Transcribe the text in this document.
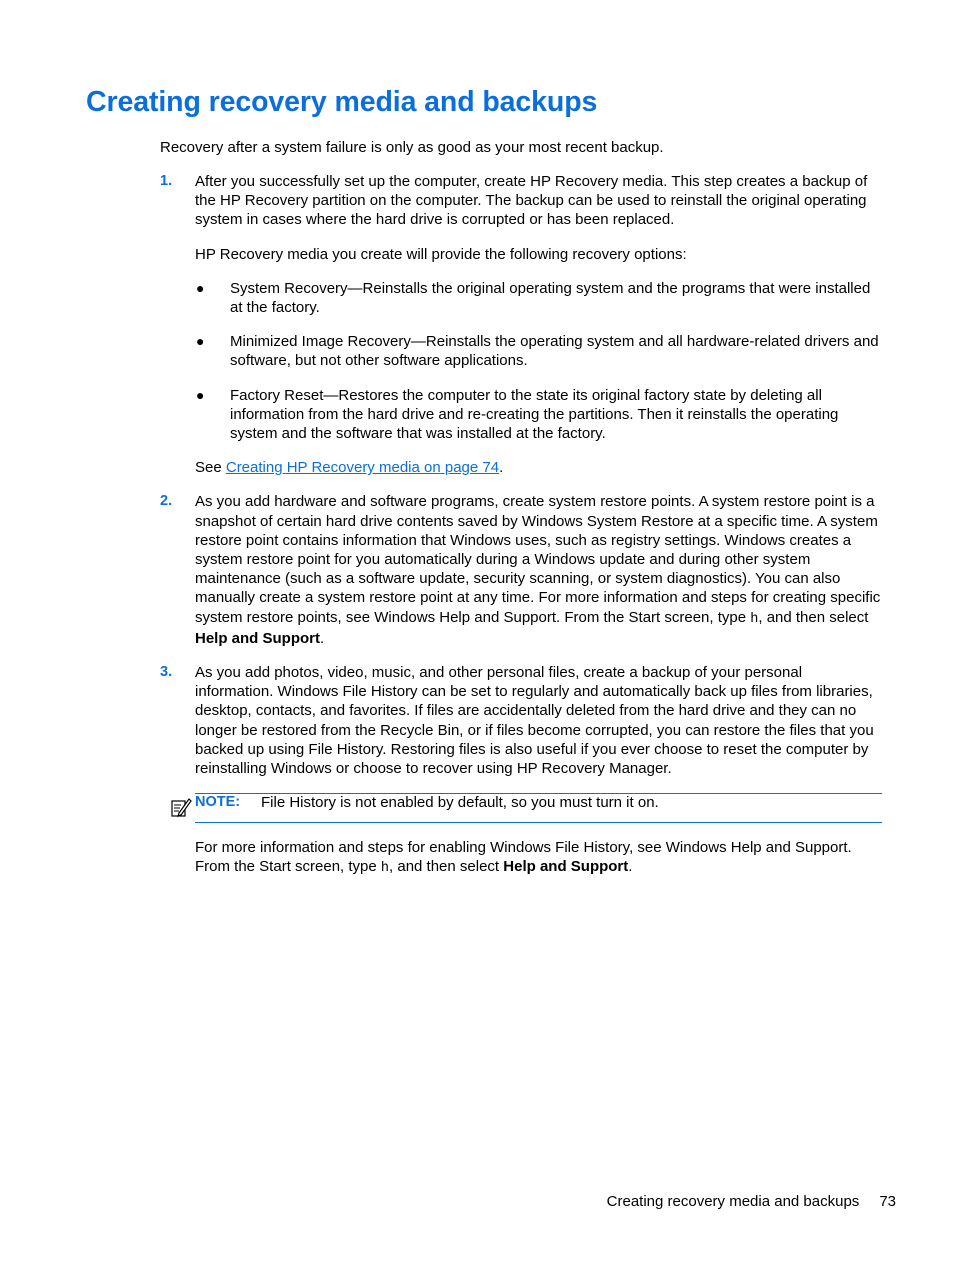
Creating recovery media and backups

Recovery after a system failure is only as good as your most recent backup.

1. After you successfully set up the computer, create HP Recovery media. This step creates a backup of the HP Recovery partition on the computer. The backup can be used to reinstall the original operating system in cases where the hard drive is corrupted or has been replaced.

HP Recovery media you create will provide the following recovery options:

● System Recovery—Reinstalls the original operating system and the programs that were installed at the factory.
● Minimized Image Recovery—Reinstalls the operating system and all hardware-related drivers and software, but not other software applications.
● Factory Reset—Restores the computer to the state its original factory state by deleting all information from the hard drive and re-creating the partitions. Then it reinstalls the operating system and the software that was installed at the factory.

See Creating HP Recovery media on page 74.

2. As you add hardware and software programs, create system restore points. A system restore point is a snapshot of certain hard drive contents saved by Windows System Restore at a specific time. A system restore point contains information that Windows uses, such as registry settings. Windows creates a system restore point for you automatically during a Windows update and during other system maintenance (such as a software update, security scanning, or system diagnostics). You can also manually create a system restore point at any time. For more information and steps for creating specific system restore points, see Windows Help and Support. From the Start screen, type h, and then select Help and Support.

3. As you add photos, video, music, and other personal files, create a backup of your personal information. Windows File History can be set to regularly and automatically back up files from libraries, desktop, contacts, and favorites. If files are accidentally deleted from the hard drive and they can no longer be restored from the Recycle Bin, or if files become corrupted, you can restore the files that you backed up using File History. Restoring files is also useful if you ever choose to reset the computer by reinstalling Windows or choose to recover using HP Recovery Manager.

NOTE: File History is not enabled by default, so you must turn it on.

For more information and steps for enabling Windows File History, see Windows Help and Support. From the Start screen, type h, and then select Help and Support.

Creating recovery media and backups 73
